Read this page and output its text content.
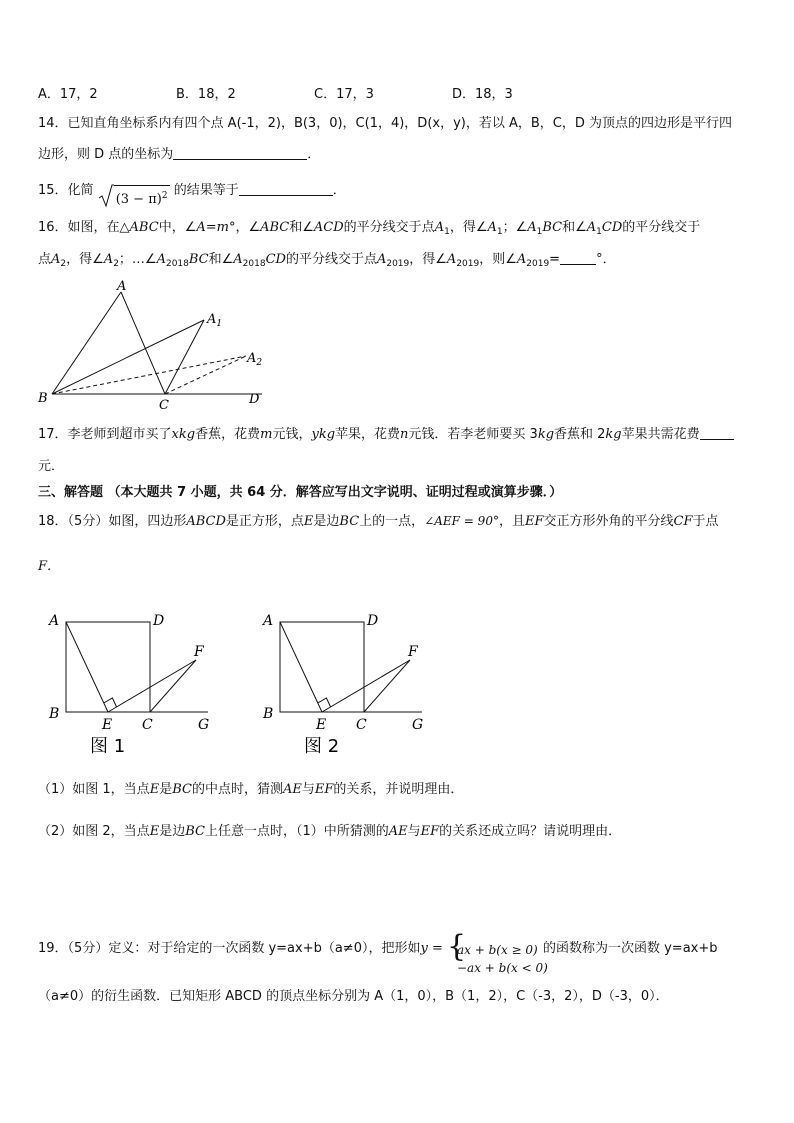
A．17，2	B．18，2	C．17，3	D．18，3
14．已知直角坐标系内有四个点 A(-1，2)，B(3，0)，C(1，4)，D(x，y)，若以 A，B，C，D 为顶点的四边形是平行四
边形，则 D 点的坐标为	．
15．化简 $(3 - \pi)^2$ 的结果等于	．
16．如图，在△ABC中，∠A=m°，∠ABC和∠ACD的平分线交于点$A_1$，得$\angle A_1$；$\angle A_1BC$和$\angle A_1CD$的平分线交于
点$A_2$，得$\angle A_2$；$\dots\angle A_{2018}BC$和$\angle A_{2018}CD$的平分线交于点$A_{2019}$，得$\angle A_{2019}$，则$\angle A_{2019}=$	°．
A
$A_1$
$A_2$
B	C	D
17．李老师到超市买了xkg香蕉，花费m元钱，ykg苹果，花费n元钱．若李老师要买 3kg香蕉和 2kg苹果共需花费
元．
三、解答题 （本大题共 7 小题，共 64 分．解答应写出文字说明、证明过程或演算步骤．）
18．（5分）如图，四边形ABCD是正方形，点E是边BC上的一点，∠AEF = 90°，且EF交正方形外角的平分线CF于点
F．
A	D
B
E C	G
F
图 1
A	D
B
E C	G
F
图 2
（1）如图 1，当点E是BC的中点时，猜测AE与EF的关系，并说明理由．
（2）如图 2，当点E是边BC上任意一点时，（1）中所猜测的AE与EF的关系还成立吗？请说明理由．
19．（5分）定义：对于给定的一次函数 y=ax+b（a≠0），把形如y = {
ax + b(x ≥ 0)
−ax + b(x < 0)
的函数称为一次函数 y=ax+b
（a≠0）的衍生函数．已知矩形 ABCD 的顶点坐标分别为 A（1，0），B（1，2），C（-3，2），D（-3，0）．
